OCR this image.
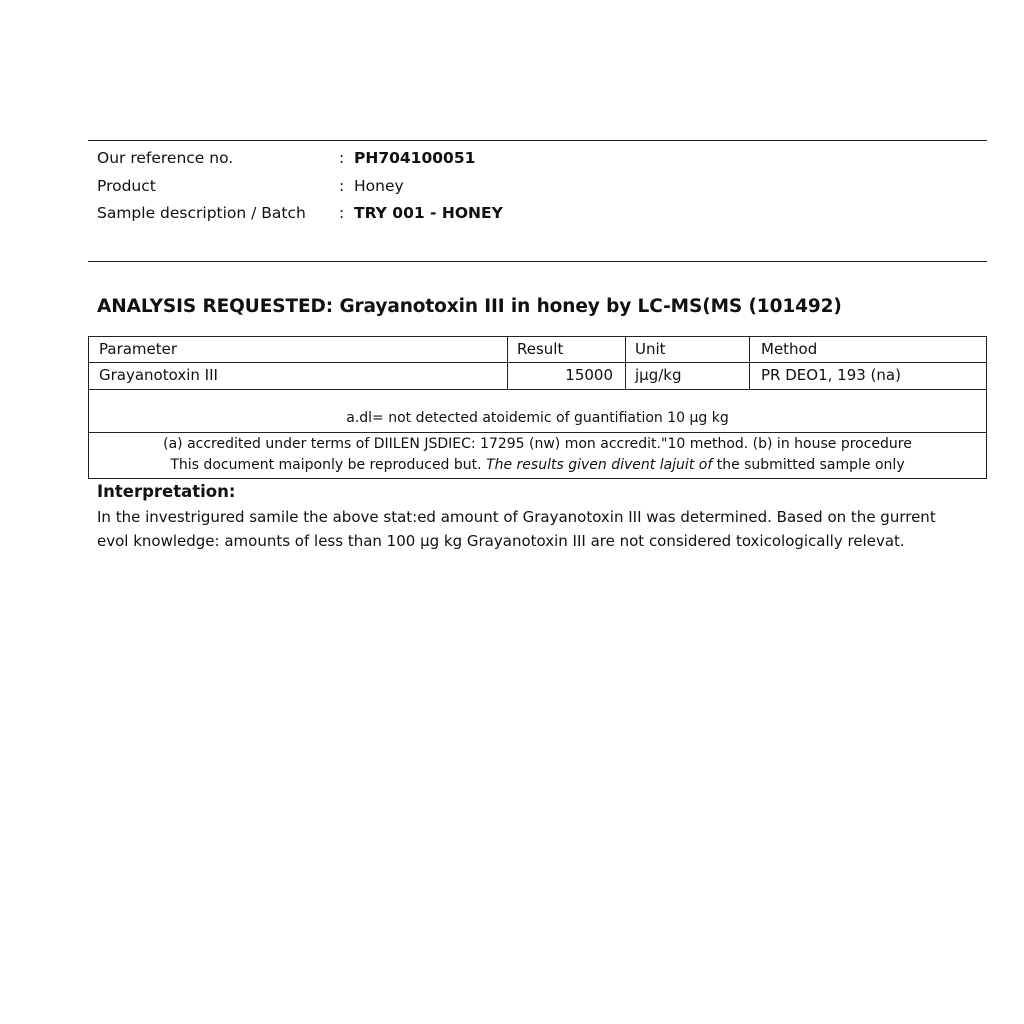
Our reference no.	: PH704100051
Product	: Honey
Sample description / Batch : TRY 001 - HONEY
ANALYSIS REQUESTED: Grayanotoxin III in honey by LC-MS(MS (101492)
Parameter	Result	Unit	Method
Grayanotoxin III	15000 jμg/kg	PR DEO1, 193 (na)
a.dl= not detected atoidemic of guantifiation 10 μg kg
(a) accredited under terms of DIILEN JSDIEC: 17295 (nw) mon accredit."10 method. (b) in house procedure
This document maiponly be reproduced but. The results given divent lajuit of the submitted sample only
Interpretation:
In the investrigured samile the above stat:ed amount of Grayanotoxin III was determined. Based on the gurrent evol knowledge: amounts of less than 100 μg kg Grayanotoxin III are not considered toxicologically relevat.
